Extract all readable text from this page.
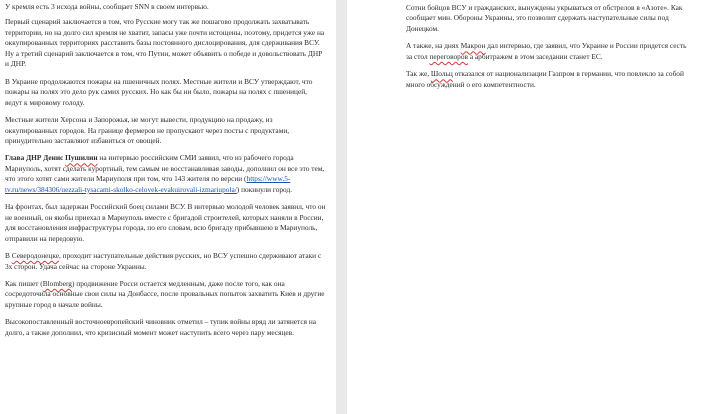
У кремля есть 3 исхода войны, сообщает SNN в своем интервью.

Первый сценарий заключается в том, что Русские могу так же пошагово продолжать захватывать территории, но на долго сил кремля не хватит, запасы уже почти истощены, поэтому, придется уже на оккупированных территориях расставить базы постоянного дислоцирования, для сдерживания ВСУ. Ну а третий сценарий заключается в том, что Путин, может объявить о победе и довольствовать ДНР и ДНР.

В Украине продолжаются пожары на пшеничных полях. Местные жители и ВСУ утверждают, что пожары на полях это дело рук самих русских. Но как бы ни было, пожары на полях с пшеницей, ведут к мировому голоду.

Местные жители Херсона и Запорожья, не могут вывести, продукцию на продажу, из оккупированных городов. На границе фермеров не пропускают через посты с продуктами, принудительно заставляют избавиться от овощей.

Глава ДНР Денис Пушилин на интервью российским СМИ заявил, что из рабочего города Мариуполь, хотят сделать курортный, тем самым не восстанавливая заводы, дополнил он все это тем, что этого хотят сами жители Мариуполя при том, что 143 жителя по версии (https://www.5-tv.ru/news/384306/uezzali-tysacami-skolko-celovek-evakuirovali-izmariupola/) покинули город.

На фронтах, был задержан Российский боец силами ВСУ. В интервью молодой человек заявил, что он не военный, он якобы приехал в Мариуполь вместе с бригадой строителей, которых наняли в России, для восстановления инфраструктуры города, по его словам, всю бригаду прибывшею в Мариуполь, отправили на передовую.

В Северодонецке, проходит наступательные действия русских, но ВСУ успешно сдерживают атаки с 3х сторон. Удача сейчас на стороне Украины.

Как пишет (Blomberg) продвижение Росси остается медленным, даже после того, как она сосредоточила основные свои силы на Донбассе, после провальных попыток захватить Киев и другие крупные город в начале войны.

Высокопоставленный восточноевропейский чиновник отметил – тупик войны вряд ли затянется на долго, а также дополнил, что кризисный момент может наступить всего через пару месяцев.

Сотни бойцов ВСУ и гражданских, вынуждены укрываться от обстрелов в «Азоте». Как сообщает мин. Обороны Украины, это позволит сдержать наступательные силы под Донецком.

А также, на днях Макрон дал интервью, где заявил, что Украине и России придется сесть за стол переговоров а арбитражем в этом заседании станет ЕС.

Так же, Шольц отказался от национализации Газпром в германии, что повлекло за собой много обсуждений о его компетентности.
